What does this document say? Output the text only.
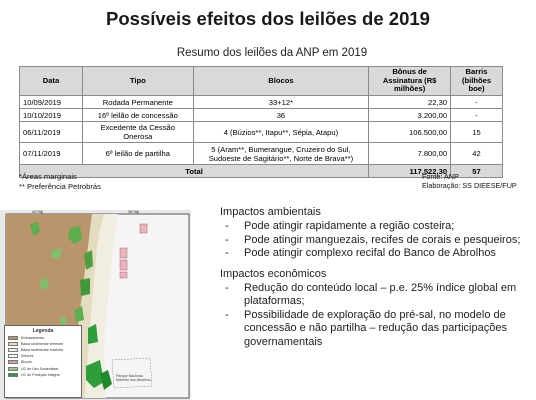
Possíveis efeitos dos leilões de 2019
Resumo dos leilões da ANP em 2019
Data	Tipo	Blocos	Bônus de Assinatura (R$ milhões)	Barris (bilhões boe)
10/09/2019	Rodada Permanente	33+12*	22,30	-
10/10/2019	16º leilão de concessão	36	3.200,00	-
06/11/2019	Excedente da Cessão Onerosa	4 (Búzios**, Itapu**, Sépia, Atapu)	106.500,00	15
07/11/2019	6º leilão de partilha	5 (Aram**, Bumerangue, Cruzeiro do Sul, Sudoeste de Sagitário**, Norte de Brava**)	7.800,00	42
Total			117.522,30	57
*Áreas marginais
** Preferência Petrobrás
Fonte: ANP
Elaboração: SS DIEESE/FUP
40°W	38°W
Parque Nacional Marinho dos Abrolhos
Legenda
Embasamento
Bacia sedimentar terrestre
Bacia sedimentar marinha
Setores
Blocos
UC de Uso Sustentável
UC de Proteção Integral
Impactos ambientais
- Pode atingir rapidamente a região costeira;
- Pode atingir manguezais, recifes de corais e pesqueiros;
- Pode atingir complexo recifal do Banco de Abrolhos
Impactos econômicos
- Redução do conteúdo local – p.e. 25% índice global em plataformas;
- Possibilidade de exploração do pré-sal, no modelo de concessão e não partilha – redução das participações governamentais
